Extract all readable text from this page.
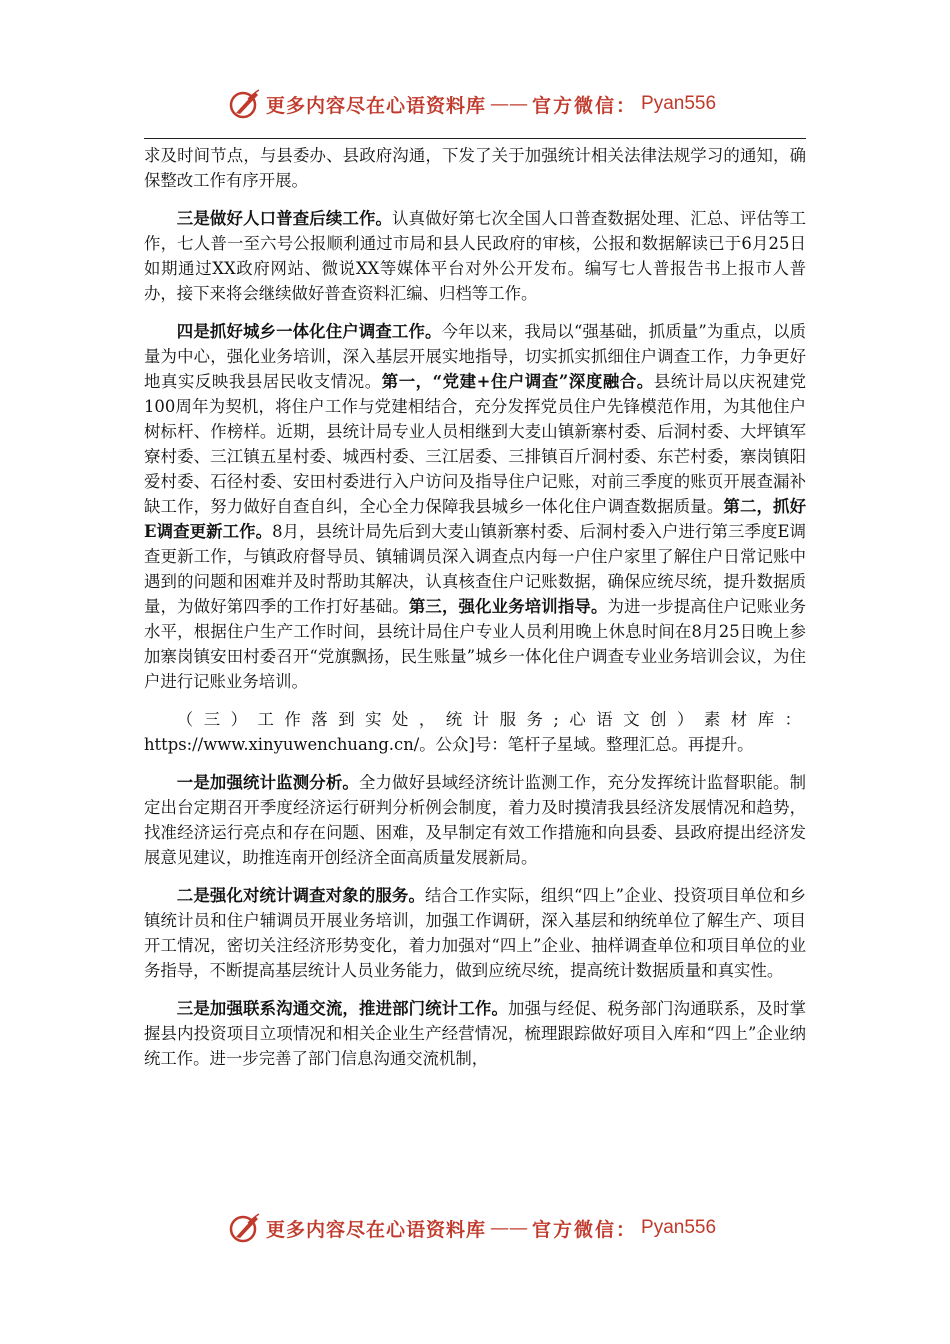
更多内容尽在心语资料库 —— 官方微信： Pyan556

求及时间节点，与县委办、县政府沟通，下发了关于加强统计相关法律法规学习的通知，确保整改工作有序开展。

三是做好人口普查后续工作。认真做好第七次全国人口普查数据处理、汇总、评估等工作，七人普一至六号公报顺利通过市局和县人民政府的审核，公报和数据解读已于6月25日如期通过XX政府网站、微说XX等媒体平台对外公开发布。编写七人普报告书上报市人普办，接下来将会继续做好普查资料汇编、归档等工作。

四是抓好城乡一体化住户调查工作。今年以来，我局以“强基础，抓质量”为重点，以质量为中心，强化业务培训，深入基层开展实地指导，切实抓实抓细住户调查工作，力争更好地真实反映我县居民收支情况。第一，“党建+住户调查”深度融合。县统计局以庆祝建党100周年为契机，将住户工作与党建相结合，充分发挥党员住户先锋模范作用，为其他住户树标杆、作榜样。近期，县统计局专业人员相继到大麦山镇新寨村委、后洞村委、大坪镇军寮村委、三江镇五星村委、城西村委、三江居委、三排镇百斤洞村委、东芒村委，寨岗镇阳爱村委、石径村委、安田村委进行入户访问及指导住户记账，对前三季度的账页开展查漏补缺工作，努力做好自查自纠，全心全力保障我县城乡一体化住户调查数据质量。第二，抓好E调查更新工作。8月，县统计局先后到大麦山镇新寨村委、后洞村委入户进行第三季度E调查更新工作，与镇政府督导员、镇辅调员深入调查点内每一户住户家里了解住户日常记账中遇到的问题和困难并及时帮助其解决，认真核查住户记账数据，确保应统尽统，提升数据质量，为做好第四季的工作打好基础。第三，强化业务培训指导。为进一步提高住户记账业务水平，根据住户生产工作时间，县统计局住户专业人员利用晚上休息时间在8月25日晚上参加寨岗镇安田村委召开“党旗飘扬，民生账量”城乡一体化住户调查专业业务培训会议，为住户进行记账业务培训。

（三）工作落到实处，统计服务;心语文创）素材库：https://www.xinyuwenchuang.cn/。公众]号：笔杆子星域。整理汇总。再提升。

一是加强统计监测分析。全力做好县域经济统计监测工作，充分发挥统计监督职能。制定出台定期召开季度经济运行研判分析例会制度，着力及时摸清我县经济发展情况和趋势，找准经济运行亮点和存在问题、困难，及早制定有效工作措施和向县委、县政府提出经济发展意见建议，助推连南开创经济全面高质量发展新局。

二是强化对统计调查对象的服务。结合工作实际，组织“四上”企业、投资项目单位和乡镇统计员和住户辅调员开展业务培训，加强工作调研，深入基层和纳统单位了解生产、项目开工情况，密切关注经济形势变化，着力加强对“四上”企业、抽样调查单位和项目单位的业务指导，不断提高基层统计人员业务能力，做到应统尽统，提高统计数据质量和真实性。

三是加强联系沟通交流，推进部门统计工作。加强与经促、税务部门沟通联系，及时掌握县内投资项目立项情况和相关企业生产经营情况，梳理跟踪做好项目入库和“四上”企业纳统工作。进一步完善了部门信息沟通交流机制，

更多内容尽在心语资料库 —— 官方微信： Pyan556
